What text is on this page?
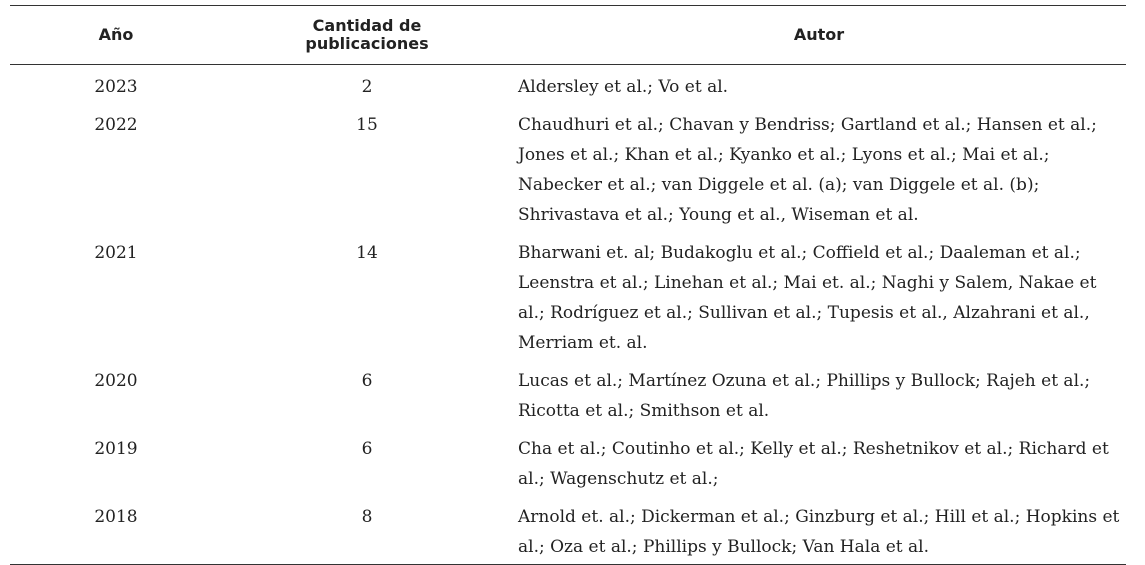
Año	Cantidad de publicaciones	Autor
2023	2	Aldersley et al.; Vo et al.
2022	15	Chaudhuri et al.; Chavan y Bendriss; Gartland et al.; Hansen et al.; Jones et al.; Khan et al.; Kyanko et al.; Lyons et al.; Mai et al.; Nabecker et al.; van Diggele et al. (a); van Diggele et al. (b); Shrivastava et al.; Young et al., Wiseman et al.
2021	14	Bharwani et. al; Budakoglu et al.; Coffield et al.; Daaleman et al.; Leenstra et al.; Linehan et al.; Mai et. al.; Naghi y Salem, Nakae et al.; Rodríguez et al.; Sullivan et al.; Tupesis et al., Alzahrani et al., Merriam et. al.
2020	6	Lucas et al.; Martínez Ozuna et al.; Phillips y Bullock; Rajeh et al.; Ricotta et al.; Smithson et al.
2019	6	Cha et al.; Coutinho et al.; Kelly et al.; Reshetnikov et al.; Richard et al.; Wagenschutz et al.;
2018	8	Arnold et. al.; Dickerman et al.; Ginzburg et al.; Hill et al.; Hopkins et al.; Oza et al.; Phillips y Bullock; Van Hala et al.
